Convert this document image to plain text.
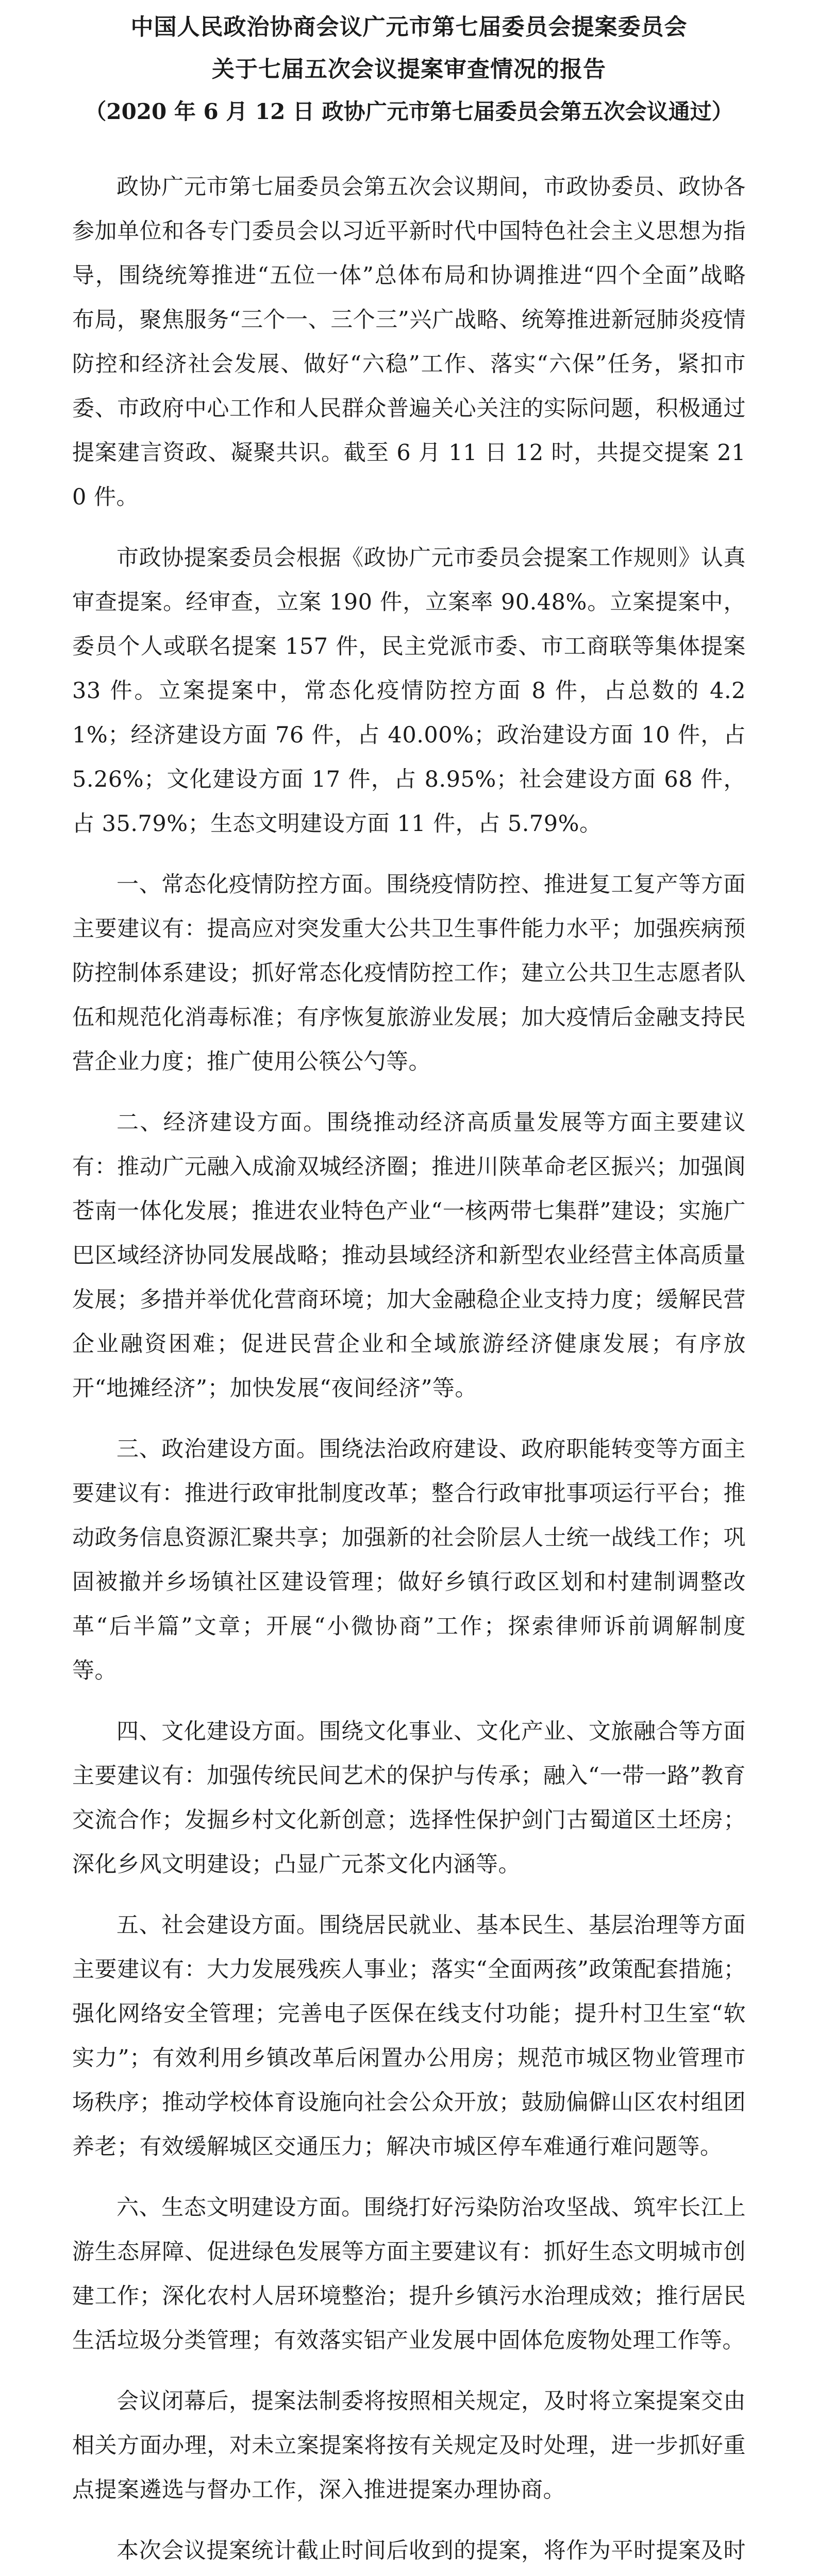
中国人民政治协商会议广元市第七届委员会提案委员会
关于七届五次会议提案审查情况的报告
（2020 年 6 月 12 日 政协广元市第七届委员会第五次会议通过）

政协广元市第七届委员会第五次会议期间，市政协委员、政协各参加单位和各专门委员会以习近平新时代中国特色社会主义思想为指导，围绕统筹推进“五位一体”总体布局和协调推进“四个全面”战略布局，聚焦服务“三个一、三个三”兴广战略、统筹推进新冠肺炎疫情防控和经济社会发展、做好“六稳”工作、落实“六保”任务，紧扣市委、市政府中心工作和人民群众普遍关心关注的实际问题，积极通过提案建言资政、凝聚共识。截至 6 月 11 日 12 时，共提交提案 210 件。

市政协提案委员会根据《政协广元市委员会提案工作规则》认真审查提案。经审查，立案 190 件，立案率 90.48%。立案提案中，委员个人或联名提案 157 件，民主党派市委、市工商联等集体提案 33 件。立案提案中，常态化疫情防控方面 8 件，占总数的 4.21%；经济建设方面 76 件，占 40.00%；政治建设方面 10 件，占 5.26%；文化建设方面 17 件，占 8.95%；社会建设方面 68 件，占 35.79%；生态文明建设方面 11 件，占 5.79%。

一、常态化疫情防控方面。围绕疫情防控、推进复工复产等方面主要建议有：提高应对突发重大公共卫生事件能力水平；加强疾病预防控制体系建设；抓好常态化疫情防控工作；建立公共卫生志愿者队伍和规范化消毒标准；有序恢复旅游业发展；加大疫情后金融支持民营企业力度；推广使用公筷公勺等。

二、经济建设方面。围绕推动经济高质量发展等方面主要建议有：推动广元融入成渝双城经济圈；推进川陕革命老区振兴；加强阆苍南一体化发展；推进农业特色产业“一核两带七集群”建设；实施广巴区域经济协同发展战略；推动县域经济和新型农业经营主体高质量发展；多措并举优化营商环境；加大金融稳企业支持力度；缓解民营企业融资困难；促进民营企业和全域旅游经济健康发展；有序放开“地摊经济”；加快发展“夜间经济”等。

三、政治建设方面。围绕法治政府建设、政府职能转变等方面主要建议有：推进行政审批制度改革；整合行政审批事项运行平台；推动政务信息资源汇聚共享；加强新的社会阶层人士统一战线工作；巩固被撤并乡场镇社区建设管理；做好乡镇行政区划和村建制调整改革“后半篇”文章；开展“小微协商”工作；探索律师诉前调解制度等。

四、文化建设方面。围绕文化事业、文化产业、文旅融合等方面主要建议有：加强传统民间艺术的保护与传承；融入“一带一路”教育交流合作；发掘乡村文化新创意；选择性保护剑门古蜀道区土坯房；深化乡风文明建设；凸显广元茶文化内涵等。

五、社会建设方面。围绕居民就业、基本民生、基层治理等方面主要建议有：大力发展残疾人事业；落实“全面两孩”政策配套措施；强化网络安全管理；完善电子医保在线支付功能；提升村卫生室“软实力”；有效利用乡镇改革后闲置办公用房；规范市城区物业管理市场秩序；推动学校体育设施向社会公众开放；鼓励偏僻山区农村组团养老；有效缓解城区交通压力；解决市城区停车难通行难问题等。

六、生态文明建设方面。围绕打好污染防治攻坚战、筑牢长江上游生态屏障、促进绿色发展等方面主要建议有：抓好生态文明城市创建工作；深化农村人居环境整治；提升乡镇污水治理成效；推行居民生活垃圾分类管理；有效落实铝产业发展中固体危废物处理工作等。

会议闭幕后，提案法制委将按照相关规定，及时将立案提案交由相关方面办理，对未立案提案将按有关规定及时处理，进一步抓好重点提案遴选与督办工作，深入推进提案办理协商。

本次会议提案统计截止时间后收到的提案，将作为平时提案及时
